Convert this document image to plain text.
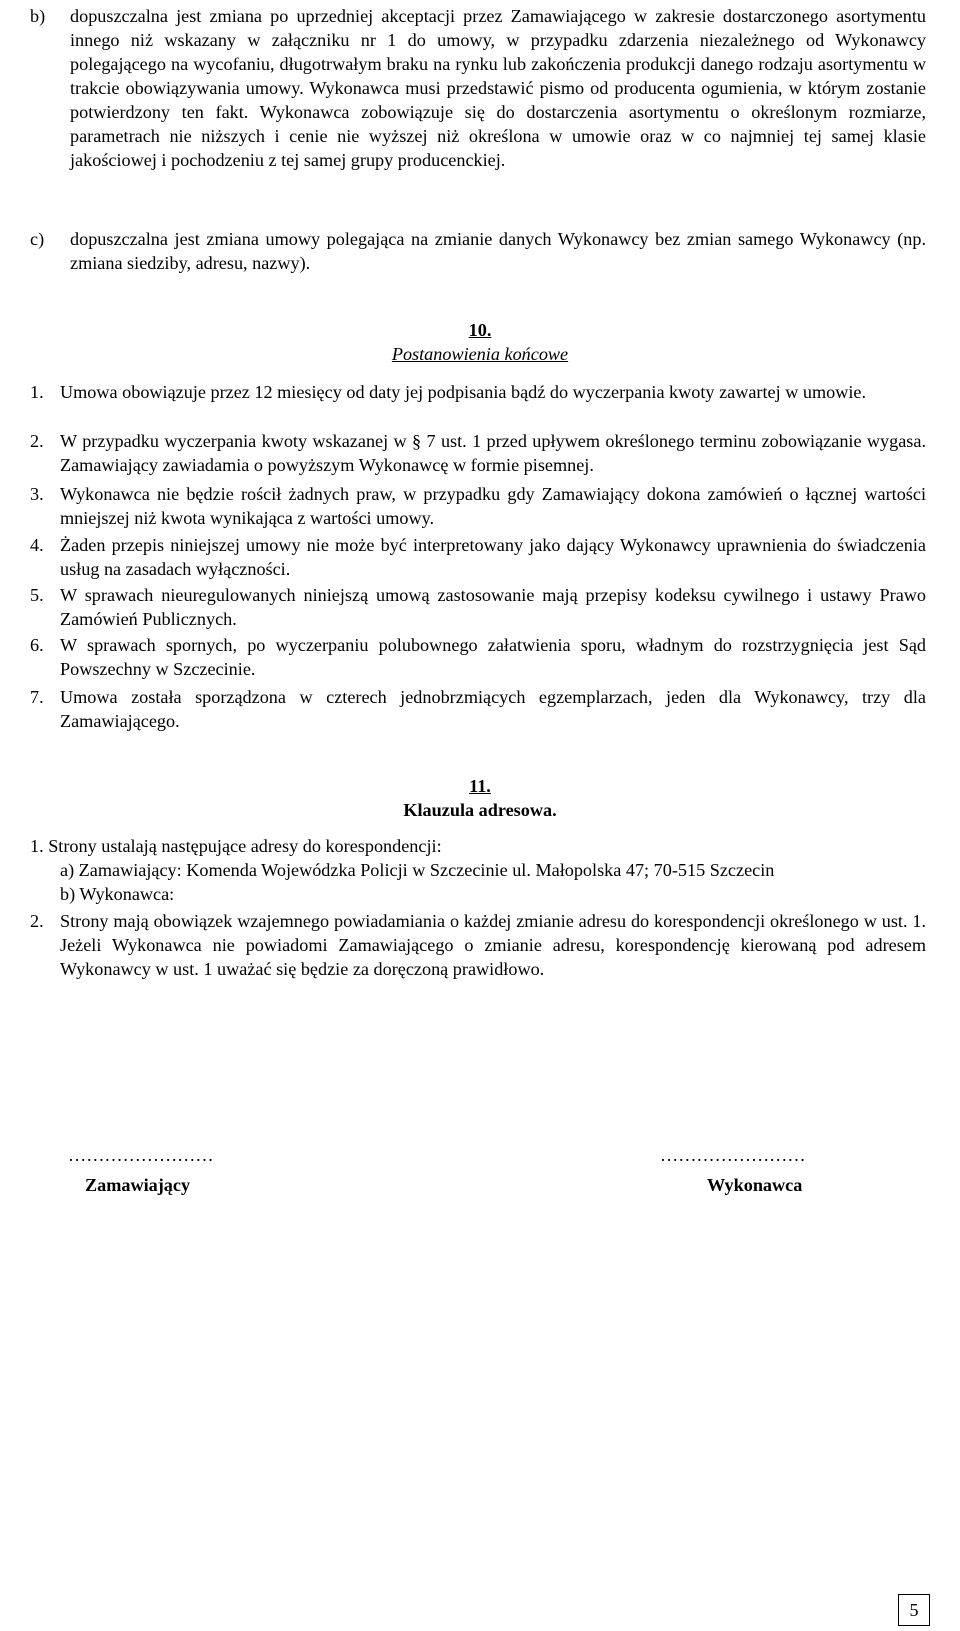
b) dopuszczalna jest zmiana po uprzedniej akceptacji przez Zamawiającego w zakresie dostarczonego asortymentu innego niż wskazany w załączniku nr 1 do umowy, w przypadku zdarzenia niezależnego od Wykonawcy polegającego na wycofaniu, długotrwałym braku na rynku lub zakończenia produkcji danego rodzaju asortymentu w trakcie obowiązywania umowy. Wykonawca musi przedstawić pismo od producenta ogumienia, w którym zostanie potwierdzony ten fakt. Wykonawca zobowiązuje się do dostarczenia asortymentu o określonym rozmiarze, parametrach nie niższych i cenie nie wyższej niż określona w umowie oraz w co najmniej tej samej klasie jakościowej i pochodzeniu z tej samej grupy producenckiej.
c) dopuszczalna jest zmiana umowy polegająca na zmianie danych Wykonawcy bez zmian samego Wykonawcy (np. zmiana siedziby, adresu, nazwy).
10.
Postanowienia końcowe
1. Umowa obowiązuje przez 12 miesięcy od daty jej podpisania bądź do wyczerpania kwoty zawartej w umowie.
2. W przypadku wyczerpania kwoty wskazanej w § 7 ust. 1 przed upływem określonego terminu zobowiązanie wygasa. Zamawiający zawiadamia o powyższym Wykonawcę w formie pisemnej.
3. Wykonawca nie będzie rościł żadnych praw, w przypadku gdy Zamawiający dokona zamówień o łącznej wartości mniejszej niż kwota wynikająca z wartości umowy.
4. Żaden przepis niniejszej umowy nie może być interpretowany jako dający Wykonawcy uprawnienia do świadczenia usług na zasadach wyłączności.
5. W sprawach nieuregulowanych niniejszą umową zastosowanie mają przepisy kodeksu cywilnego i ustawy Prawo Zamówień Publicznych.
6. W sprawach spornych, po wyczerpaniu polubownego załatwienia sporu, władnym do rozstrzygnięcia jest Sąd Powszechny w Szczecinie.
7. Umowa została sporządzona w czterech jednobrzmiących egzemplarzach, jeden dla Wykonawcy, trzy dla Zamawiającego.
11.
Klauzula adresowa.
1. Strony ustalają następujące adresy do korespondencji:
a) Zamawiający: Komenda Wojewódzka Policji w Szczecinie ul. Małopolska 47; 70-515 Szczecin
b) Wykonawca:
2. Strony mają obowiązek wzajemnego powiadamiania o każdej zmianie adresu do korespondencji określonego w ust. 1. Jeżeli Wykonawca nie powiadomi Zamawiającego o zmianie adresu, korespondencję kierowaną pod adresem Wykonawcy w ust. 1 uważać się będzie za doręczoną prawidłowo.
……………………
Zamawiający
……………………
Wykonawca
5
